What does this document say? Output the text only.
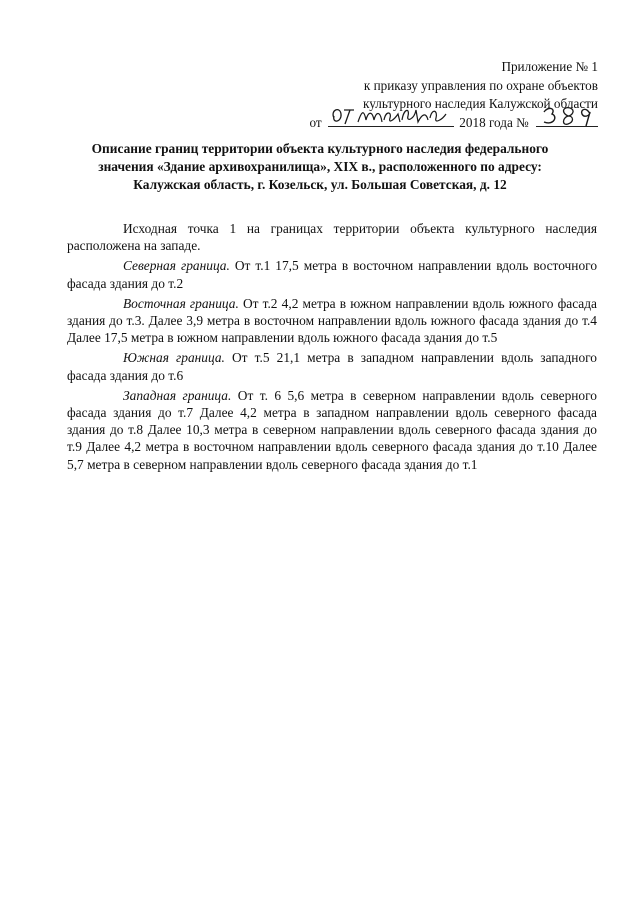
Приложение № 1
к приказу управления по охране объектов
культурного наследия Калужской области
от	2018 года №
Описание границ территории объекта культурного наследия федерального
значения «Здание архивохранилища», XIX в., расположенного по адресу:
Калужская область, г. Козельск, ул. Большая Советская, д. 12

Исходная точка 1 на границах территории объекта культурного наследия расположена на западе.

Северная граница. От т.1 17,5 метра в восточном направлении вдоль восточного фасада здания до т.2

Восточная граница. От т.2 4,2 метра в южном направлении вдоль южного фасада здания до т.3. Далее 3,9 метра в восточном направлении вдоль южного фасада здания до т.4 Далее 17,5 метра в южном направлении вдоль южного фасада здания до т.5

Южная граница. От т.5 21,1 метра в западном направлении вдоль западного фасада здания до т.6

Западная граница. От т. 6 5,6 метра в северном направлении вдоль северного фасада здания до т.7 Далее 4,2 метра в западном направлении вдоль северного фасада здания до т.8 Далее 10,3 метра в северном направлении вдоль северного фасада здания до т.9 Далее 4,2 метра в восточном направлении вдоль северного фасада здания до т.10 Далее 5,7 метра в северном направлении вдоль северного фасада здания до т.1
